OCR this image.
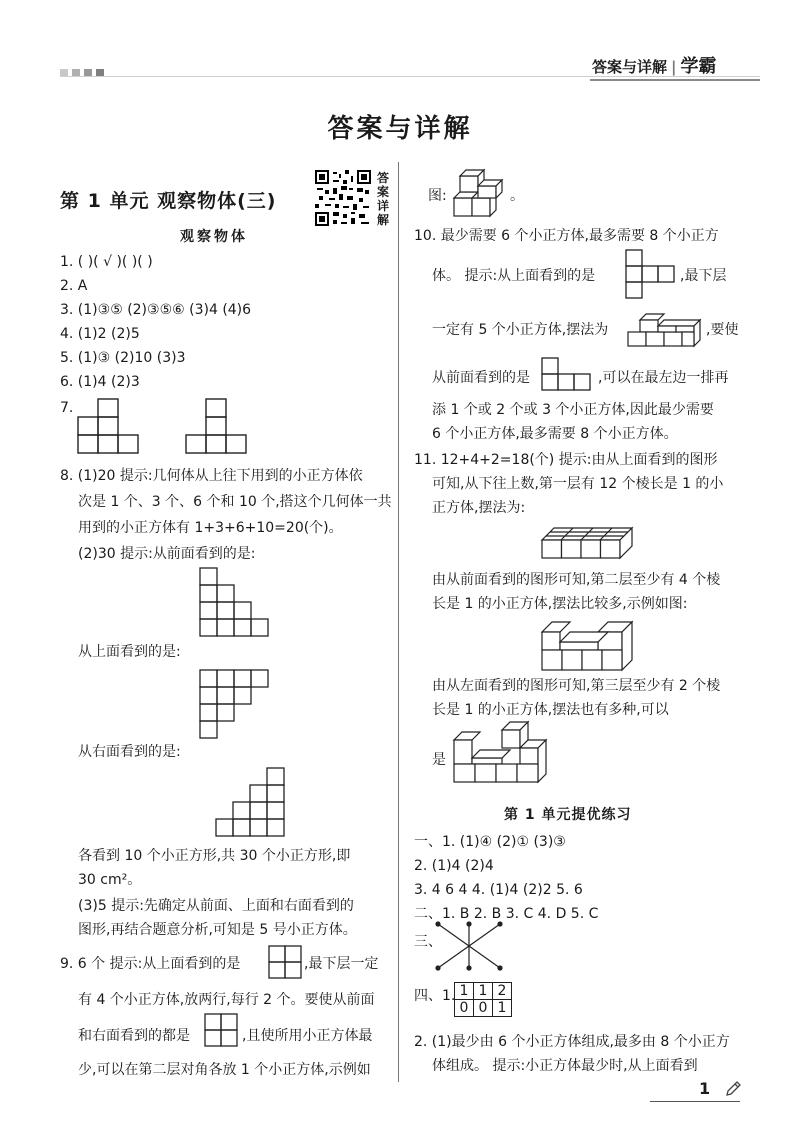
答案与详解 | 学霸
答案与详解
第 1 单元 观察物体(三)
答
案
详
解
观察物体
1. ( )( √ )( )( )
2. A
3. (1)③⑤ (2)③⑤⑥ (3)4 (4)6
4. (1)2 (2)5
5. (1)③ (2)10 (3)3
6. (1)4 (2)3
7.
8. (1)20 提示:几何体从上往下用到的小正方体依
次是 1 个、3 个、6 个和 10 个,搭这个几何体一共
用到的小正方体有 1+3+6+10=20(个)。
(2)30 提示:从前面看到的是:
从上面看到的是:
从右面看到的是:
各看到 10 个小正方形,共 30 个小正方形,即
30 cm²。
(3)5 提示:先确定从前面、上面和右面看到的
图形,再结合题意分析,可知是 5 号小正方体。
9. 6 个 提示:从上面看到的是	,最下层一定
有 4 个小正方体,放两行,每行 2 个。要使从前面
和右面看到的都是	,且使所用小正方体最
少,可以在第二层对角各放 1 个小正方体,示例如
图:	。
10. 最少需要 6 个小正方体,最多需要 8 个小正方
体。 提示:从上面看到的是	,最下层
一定有 5 个小正方体,摆法为	,要使
从前面看到的是	,可以在最左边一排再
添 1 个或 2 个或 3 个小正方体,因此最少需要
6 个小正方体,最多需要 8 个小正方体。
11. 12+4+2=18(个) 提示:由从上面看到的图形
可知,从下往上数,第一层有 12 个棱长是 1 的小
正方体,摆法为:
由从前面看到的图形可知,第二层至少有 4 个棱
长是 1 的小正方体,摆法比较多,示例如图:
由从左面看到的图形可知,第三层至少有 2 个棱
长是 1 的小正方体,摆法也有多种,可以
是
第 1 单元提优练习
一、1. (1)④ (2)① (3)③
2. (1)4 (2)4
3. 4 6 4 4. (1)4 (2)2 5. 6
二、1. B 2. B 3. C 4. D 5. C
三、
四、1. 1	1	2
0	0	1
2. (1)最少由 6 个小正方体组成,最多由 8 个小正方
体组成。 提示:小正方体最少时,从上面看到
1
